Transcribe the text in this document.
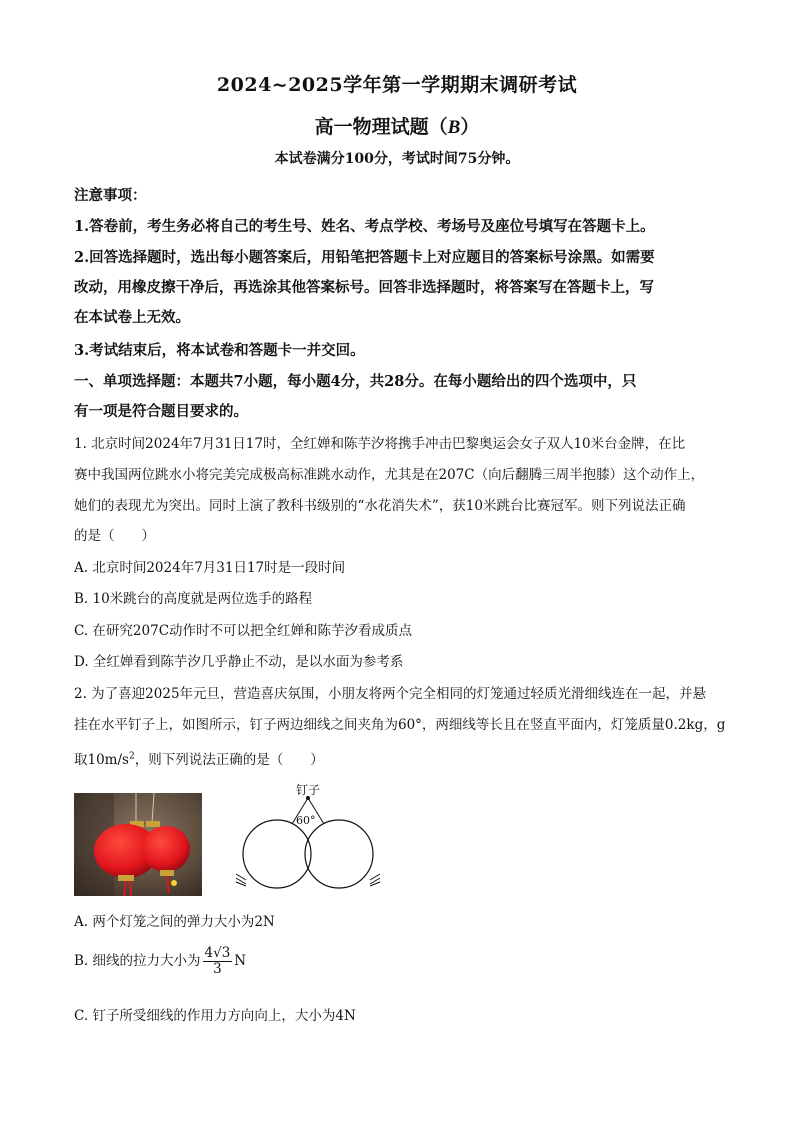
2024~2025学年第一学期期末调研考试
高一物理试题（B）
本试卷满分100分，考试时间75分钟。
注意事项：
1.答卷前，考生务必将自己的考生号、姓名、考点学校、考场号及座位号填写在答题卡上。
2.回答选择题时，选出每小题答案后，用铅笔把答题卡上对应题目的答案标号涂黑。如需要
改动，用橡皮擦干净后，再选涂其他答案标号。回答非选择题时，将答案写在答题卡上，写
在本试卷上无效。
3.考试结束后，将本试卷和答题卡一并交回。
一、单项选择题：本题共7小题，每小题4分，共28分。在每小题给出的四个选项中，只
有一项是符合题目要求的。
1. 北京时间2024年7月31日17时，全红婵和陈芋汐将携手冲击巴黎奥运会女子双人10米台金牌，在比
赛中我国两位跳水小将完美完成极高标准跳水动作，尤其是在207C（向后翻腾三周半抱膝）这个动作上，
她们的表现尤为突出。同时上演了教科书级别的“水花消失术”，获10米跳台比赛冠军。则下列说法正确
的是（　　）
A. 北京时间2024年7月31日17时是一段时间
B. 10米跳台的高度就是两位选手的路程
C. 在研究207C动作时不可以把全红婵和陈芋汐看成质点
D. 全红婵看到陈芋汐几乎静止不动，是以水面为参考系
2. 为了喜迎2025年元旦，营造喜庆氛围，小朋友将两个完全相同的灯笼通过轻质光滑细线连在一起，并悬
挂在水平钉子上，如图所示，钉子两边细线之间夹角为60°，两细线等长且在竖直平面内，灯笼质量0.2kg，g
取$10m/s^2$，则下列说法正确的是（　　）
钉子
60°
A. 两个灯笼之间的弹力大小为2N
B. 细线的拉力大小为 $\frac{4√3}{3}$ N
C. 钉子所受细线的作用力方向向上，大小为4N
